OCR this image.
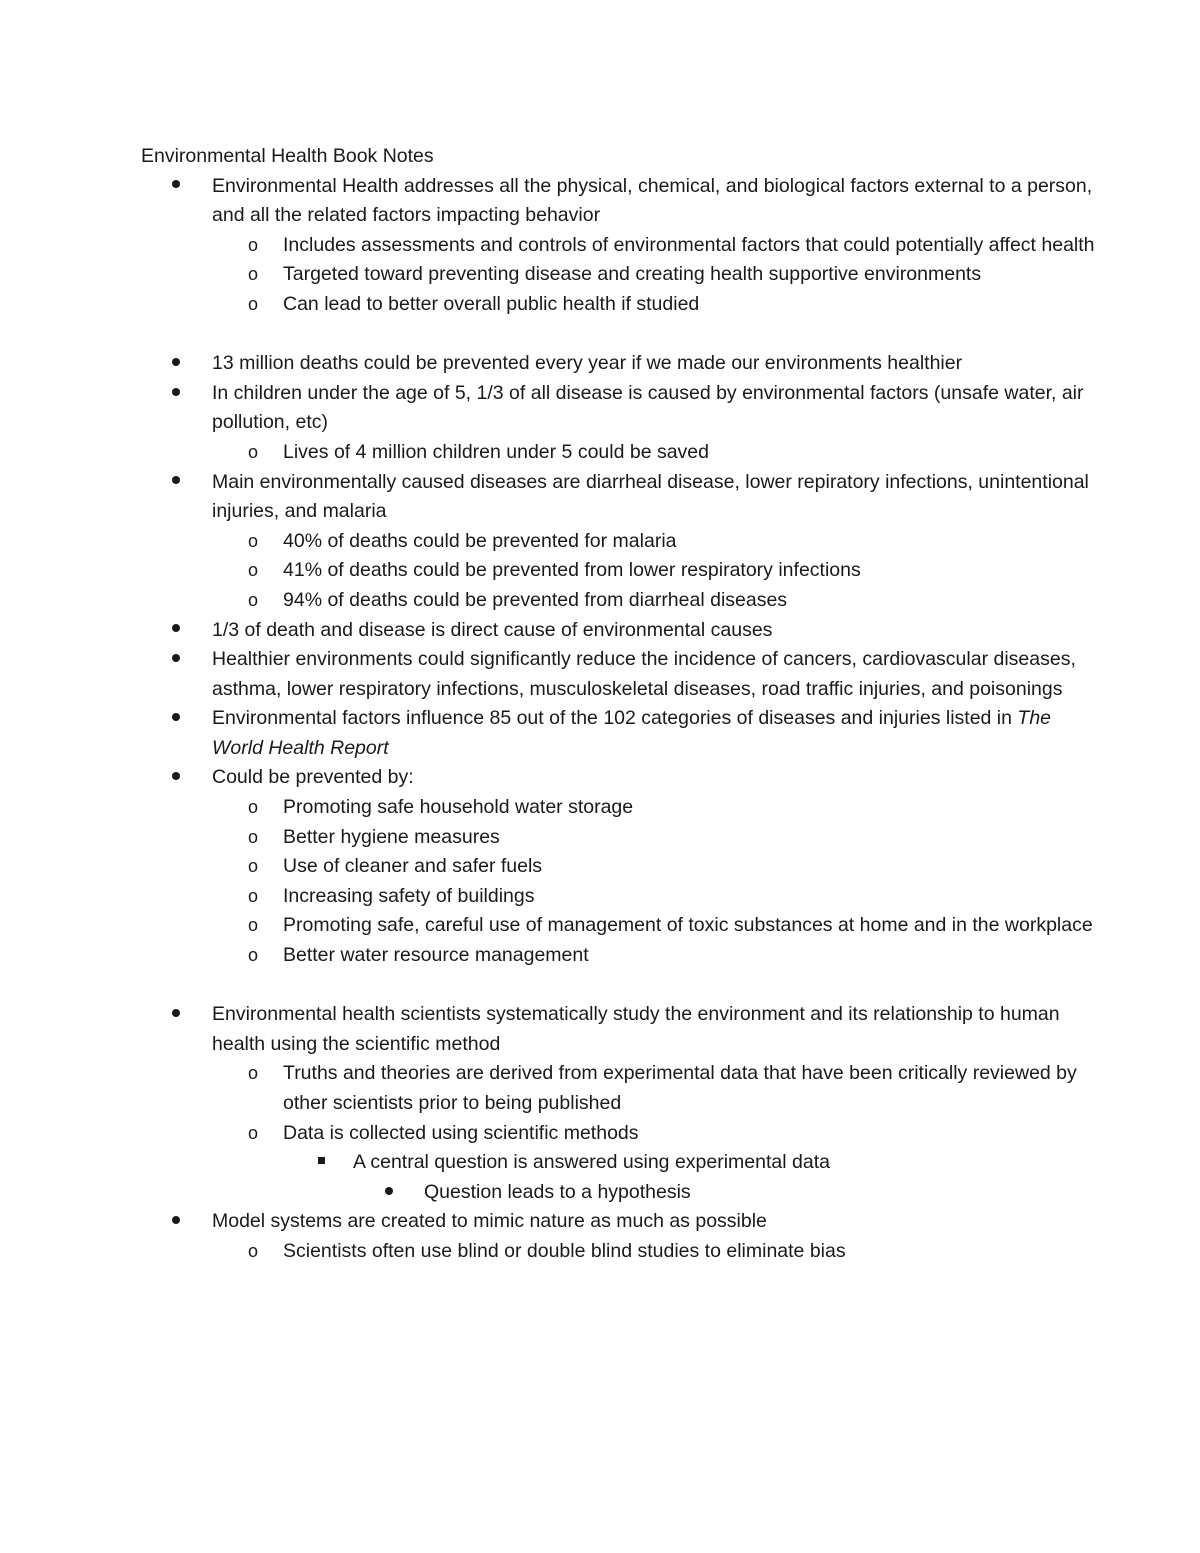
Environmental Health Book Notes
Environmental Health addresses all the physical, chemical, and biological factors external to a person, and all the related factors impacting behavior
o Includes assessments and controls of environmental factors that could potentially affect health
o Targeted toward preventing disease and creating health supportive environments
o Can lead to better overall public health if studied
13 million deaths could be prevented every year if we made our environments healthier
In children under the age of 5, 1/3 of all disease is caused by environmental factors (unsafe water, air pollution, etc)
o Lives of 4 million children under 5 could be saved
Main environmentally caused diseases are diarrheal disease, lower repiratory infections, unintentional injuries, and malaria
o 40% of deaths could be prevented for malaria
o 41% of deaths could be prevented from lower respiratory infections
o 94% of deaths could be prevented from diarrheal diseases
1/3 of death and disease is direct cause of environmental causes
Healthier environments could significantly reduce the incidence of cancers, cardiovascular diseases, asthma, lower respiratory infections, musculoskeletal diseases, road traffic injuries, and poisonings
Environmental factors influence 85 out of the 102 categories of diseases and injuries listed in The World Health Report
Could be prevented by:
o Promoting safe household water storage
o Better hygiene measures
o Use of cleaner and safer fuels
o Increasing safety of buildings
o Promoting safe, careful use of management of toxic substances at home and in the workplace
o Better water resource management
Environmental health scientists systematically study the environment and its relationship to human health using the scientific method
o Truths and theories are derived from experimental data that have been critically reviewed by other scientists prior to being published
o Data is collected using scientific methods
A central question is answered using experimental data
Question leads to a hypothesis
Model systems are created to mimic nature as much as possible
o Scientists often use blind or double blind studies to eliminate bias
